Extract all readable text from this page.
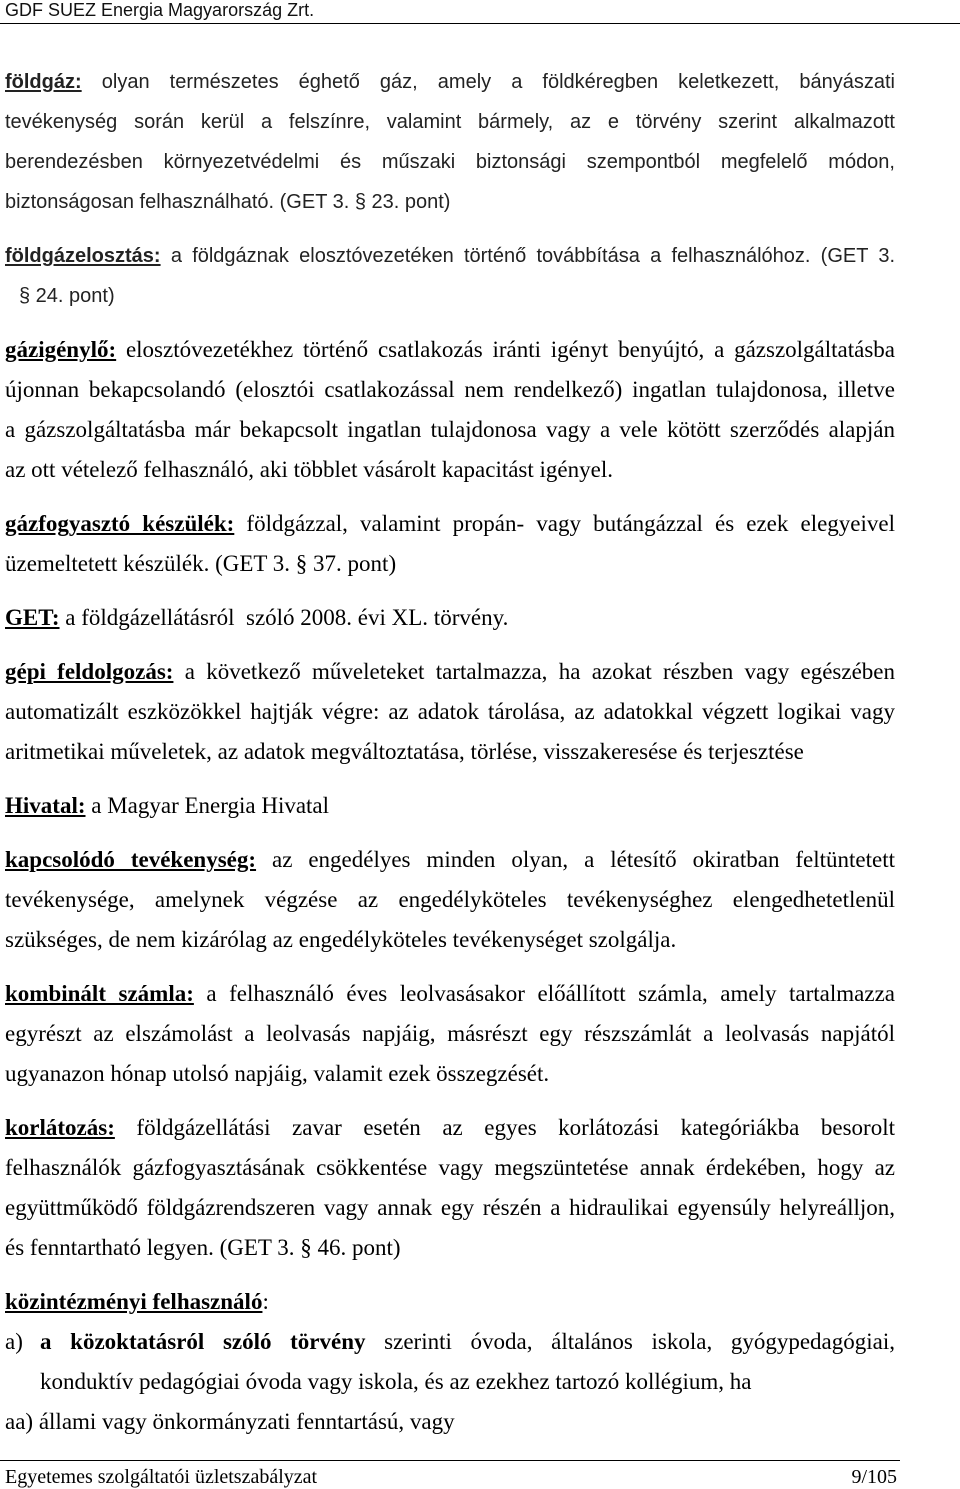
GDF SUEZ Energia Magyarország Zrt.
földgáz: olyan természetes éghető gáz, amely a földkéregben keletkezett, bányászati
tevékenység során kerül a felszínre, valamint bármely, az e törvény szerint alkalmazott
berendezésben környezetvédelmi és műszaki biztonsági szempontból megfelelő módon,
biztonságosan felhasználható. (GET 3. § 23. pont)
földgázelosztás: a földgáznak elosztóvezetéken történő továbbítása a felhasználóhoz. (GET 3.
§ 24. pont)
gázigénylő: elosztóvezetékhez történő csatlakozás iránti igényt benyújtó, a gázszolgáltatásba
újonnan bekapcsolandó (elosztói csatlakozással nem rendelkező) ingatlan tulajdonosa, illetve
a gázszolgáltatásba már bekapcsolt ingatlan tulajdonosa vagy a vele kötött szerződés alapján
az ott vételező felhasználó, aki többlet vásárolt kapacitást igényel.
gázfogyasztó készülék: földgázzal, valamint propán- vagy butángázzal és ezek elegyeivel
üzemeltetett készülék. (GET 3. § 37. pont)
GET: a földgázellátásról  szóló 2008. évi XL. törvény.
gépi feldolgozás: a következő műveleteket tartalmazza, ha azokat részben vagy egészében
automatizált eszközökkel hajtják végre: az adatok tárolása, az adatokkal végzett logikai vagy
aritmetikai műveletek, az adatok megváltoztatása, törlése, visszakeresése és terjesztése
Hivatal: a Magyar Energia Hivatal
kapcsolódó tevékenység: az engedélyes minden olyan, a létesítő okiratban feltüntetett
tevékenysége, amelynek végzése az engedélyköteles tevékenységhez elengedhetetlenül
szükséges, de nem kizárólag az engedélyköteles tevékenységet szolgálja.
kombinált számla: a felhasználó éves leolvasásakor előállított számla, amely tartalmazza
egyrészt az elszámolást a leolvasás napjáig, másrészt egy részszámlát a leolvasás napjától
ugyanazon hónap utolsó napjáig, valamit ezek összegzését.
korlátozás: földgázellátási zavar esetén az egyes korlátozási kategóriákba besorolt
felhasználók gázfogyasztásának csökkentése vagy megszüntetése annak érdekében, hogy az
együttműködő földgázrendszeren vagy annak egy részén a hidraulikai egyensúly helyreálljon,
és fenntartható legyen. (GET 3. § 46. pont)
közintézményi felhasználó:
a) a közoktatásról szóló törvény szerinti óvoda, általános iskola, gyógypedagógiai,
konduktív pedagógiai óvoda vagy iskola, és az ezekhez tartozó kollégium, ha
aa) állami vagy önkormányzati fenntartású, vagy
Egyetemes szolgáltatói üzletszabályzat	9/105
